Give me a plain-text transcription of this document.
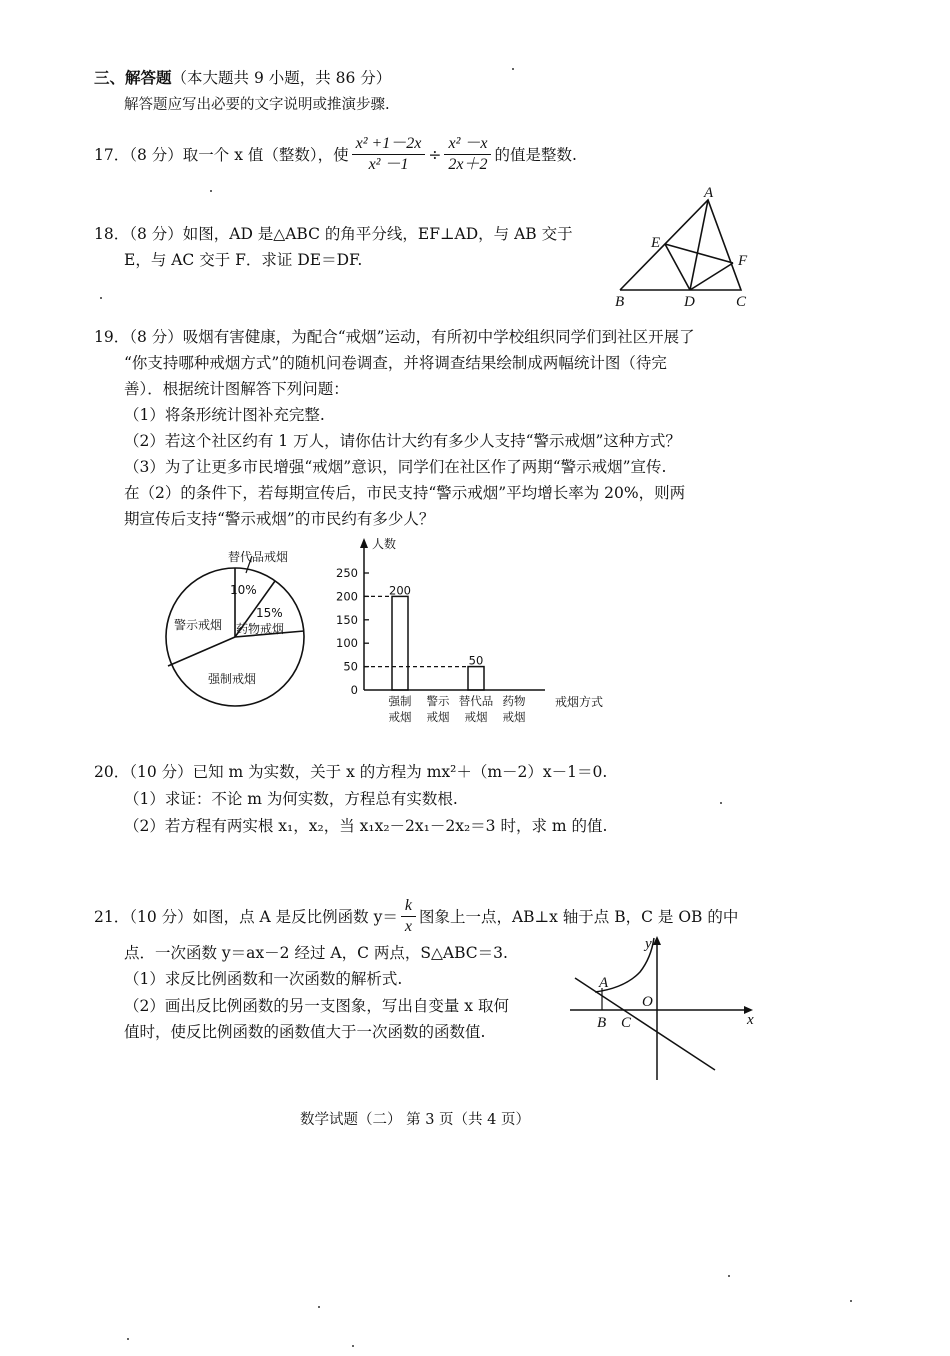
三、解答题（本大题共 9 小题，共 86 分）
解答题应写出必要的文字说明或推演步骤.
17．（8 分）取一个 x 值（整数），使 $\frac{\text{x² +1－2x}}{\text{x² －1}} \div \frac{\text{x² －x}}{2x+2}$ 的值是整数.
18．（8 分）如图，AD 是△ABC 的角平分线，EF⊥AD，与 AB 交于
E，与 AC 交于 F．求证 DE＝DF.
A
E
F
B	D	C
19．（8 分）吸烟有害健康，为配合“戒烟”运动，有所初中学校组织同学们到社区开展了
“你支持哪种戒烟方式”的随机问卷调查，并将调查结果绘制成两幅统计图（待完
善）．根据统计图解答下列问题：
（1）将条形统计图补充完整.
（2）若这个社区约有 1 万人，请你估计大约有多少人支持“警示戒烟”这种方式？
（3）为了让更多市民增强“戒烟”意识，同学们在社区作了两期“警示戒烟”宣传.
在（2）的条件下，若每期宣传后，市民支持“警示戒烟”平均增长率为 20%，则两
期宣传后支持“警示戒烟”的市民约有多少人？
替代品戒烟
10%
15%
药物戒烟
警示戒烟
强制戒烟
人数
戒烟方式
250
200
150
100
50
0
强制
戒烟
200
警示
戒烟
替代品
戒烟
50
药物
戒烟
20．（10 分）已知 m 为实数，关于 x 的方程为 mx²＋（m－2）x－1＝0.
（1）求证：不论 m 为何实数，方程总有实数根.
（2）若方程有两实根 x₁，x₂，当 x₁x₂－2x₁－2x₂＝3 时，求 m 的值.
21．（10 分）如图，点 A 是反比例函数 $y= \frac{k}{x}$ 图象上一点，AB⊥x 轴于点 B，C 是 OB 的中
点．一次函数 y＝ax－2 经过 A，C 两点，S△ABC＝3.
（1）求反比例函数和一次函数的解析式.
（2）画出反比例函数的另一支图象，写出自变量 x 取何
值时，使反比例函数的函数值大于一次函数的函数值.
y
A
O
B C	x
数学试题（二） 第 3 页（共 4 页）
